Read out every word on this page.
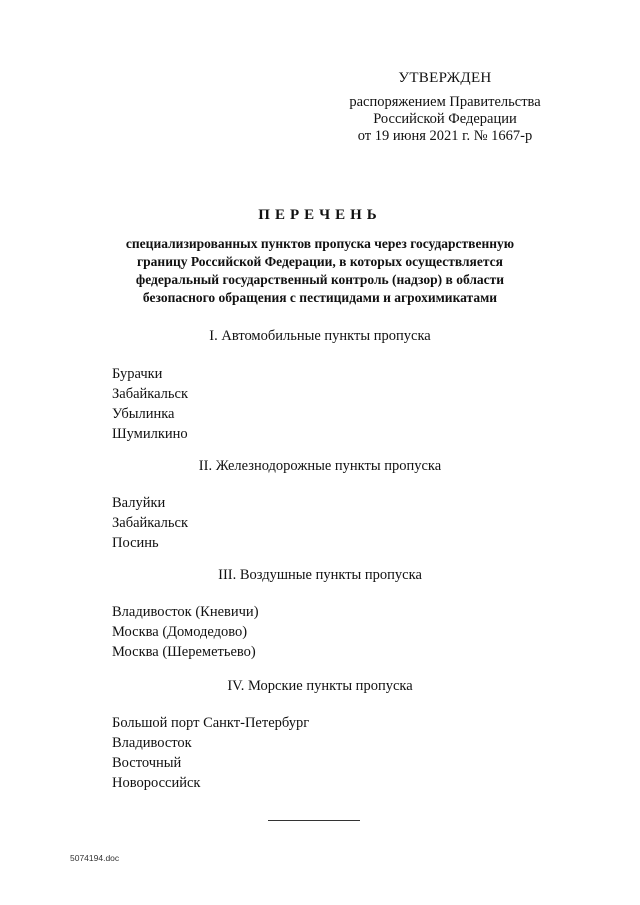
УТВЕРЖДЕН
распоряжением Правительства
Российской Федерации
от 19 июня 2021 г. № 1667-р
ПЕРЕЧЕНЬ
специализированных пунктов пропуска через государственную
границу Российской Федерации, в которых осуществляется
федеральный государственный контроль (надзор) в области
безопасного обращения с пестицидами и агрохимикатами
I. Автомобильные пункты пропуска
Бурачки
Забайкальск
Убылинка
Шумилкино
II. Железнодорожные пункты пропуска
Валуйки
Забайкальск
Посинь
III. Воздушные пункты пропуска
Владивосток (Кневичи)
Москва (Домодедово)
Москва (Шереметьево)
IV. Морские пункты пропуска
Большой порт Санкт-Петербург
Владивосток
Восточный
Новороссийск
5074194.doc
